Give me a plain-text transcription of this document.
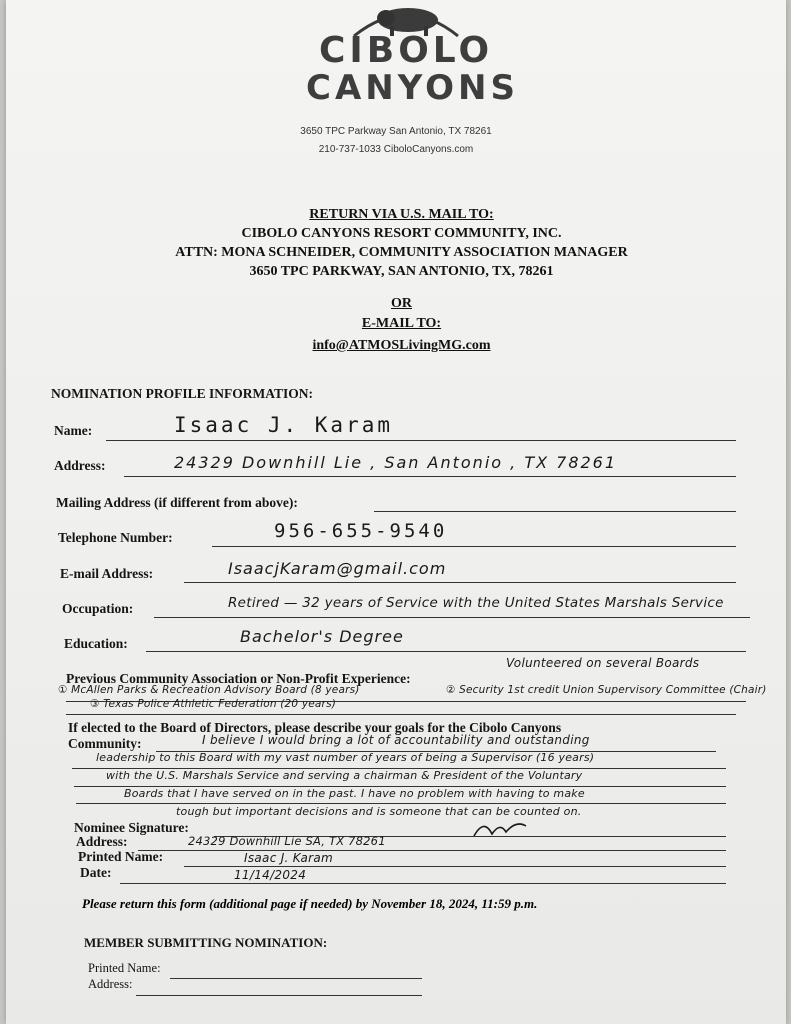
CIBOLO
CANYONS
3650 TPC Parkway San Antonio, TX 78261
210-737-1033 CiboloCanyons.com
RETURN VIA U.S. MAIL TO:
CIBOLO CANYONS RESORT COMMUNITY, INC.
ATTN: MONA SCHNEIDER, COMMUNITY ASSOCIATION MANAGER
3650 TPC PARKWAY, SAN ANTONIO, TX, 78261
OR
E-MAIL TO:
info@ATMOSLivingMG.com
NOMINATION PROFILE INFORMATION:
Name:	Isaac J. Karam
Address:	24329 Downhill Lie , San Antonio , TX 78261
Mailing Address (if different from above):
Telephone Number:	956-655-9540
E-mail Address:	IsaacjKaram@gmail.com
Occupation:	Retired — 32 years of Service with the United States Marshals Service
Education:	Bachelor's Degree
Previous Community Association or Non-Profit Experience:
Volunteered on several Boards
① McAllen Parks & Recreation Advisory Board (8 years)	② Security 1st credit Union Supervisory Committee (Chair)
③ Texas Police Athletic Federation (20 years)
If elected to the Board of Directors, please describe your goals for the Cibolo Canyons
Community:	I believe I would bring a lot of accountability and outstanding
leadership to this Board with my vast number of years of being a Supervisor (16 years)
with the U.S. Marshals Service and serving a chairman & President of the Voluntary
Boards that I have served on in the past. I have no problem with having to make
tough but important decisions and is someone that can be counted on.
Nominee Signature:
Address:	24329 Downhill Lie SA, TX 78261
Printed Name:	Isaac J. Karam
Date:	11/14/2024
Please return this form (additional page if needed) by November 18, 2024, 11:59 p.m.
MEMBER SUBMITTING NOMINATION:
Printed Name:
Address:
